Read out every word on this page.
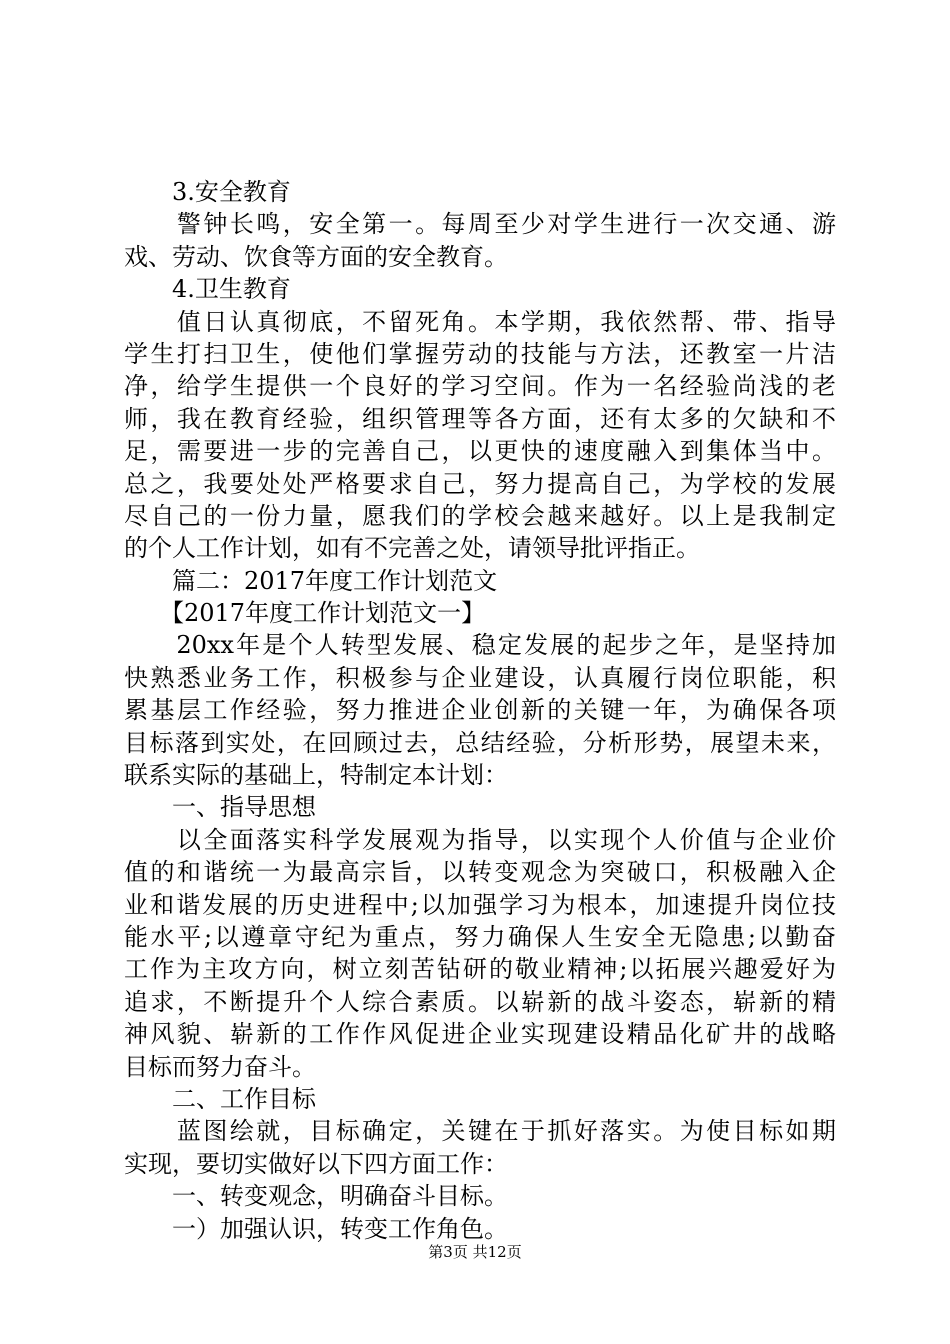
　　3.安全教育
　　警钟长鸣，安全第一。每周至少对学生进行一次交通、游
戏、劳动、饮食等方面的安全教育。
　　4.卫生教育
　　值日认真彻底，不留死角。本学期，我依然帮、带、指导
学生打扫卫生，使他们掌握劳动的技能与方法，还教室一片洁
净，给学生提供一个良好的学习空间。作为一名经验尚浅的老
师，我在教育经验，组织管理等各方面，还有太多的欠缺和不
足，需要进一步的完善自己，以更快的速度融入到集体当中。
总之，我要处处严格要求自己，努力提高自己，为学校的发展
尽自己的一份力量，愿我们的学校会越来越好。以上是我制定
的个人工作计划，如有不完善之处，请领导批评指正。
　　篇二：2017年度工作计划范文
　　【2017年度工作计划范文一】
　　20xx年是个人转型发展、稳定发展的起步之年，是坚持加
快熟悉业务工作，积极参与企业建设，认真履行岗位职能，积
累基层工作经验，努力推进企业创新的关键一年，为确保各项
目标落到实处，在回顾过去，总结经验，分析形势，展望未来，
联系实际的基础上，特制定本计划：
　　一、指导思想
　　以全面落实科学发展观为指导，以实现个人价值与企业价
值的和谐统一为最高宗旨，以转变观念为突破口，积极融入企
业和谐发展的历史进程中;以加强学习为根本，加速提升岗位技
能水平;以遵章守纪为重点，努力确保人生安全无隐患;以勤奋
工作为主攻方向，树立刻苦钻研的敬业精神;以拓展兴趣爱好为
追求，不断提升个人综合素质。以崭新的战斗姿态，崭新的精
神风貌、崭新的工作作风促进企业实现建设精品化矿井的战略
目标而努力奋斗。
　　二、工作目标
　　蓝图绘就，目标确定，关键在于抓好落实。为使目标如期
实现，要切实做好以下四方面工作：
　　一、转变观念，明确奋斗目标。
　　一）加强认识，转变工作角色。
第3页 共12页
